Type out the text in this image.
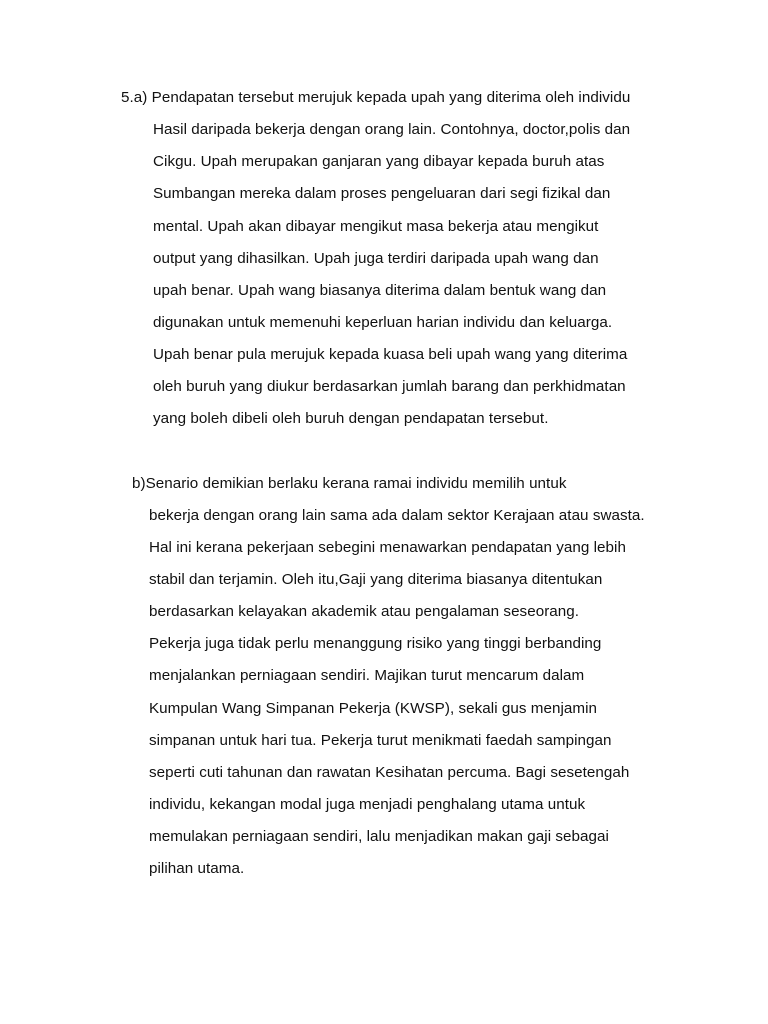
5.a) Pendapatan tersebut merujuk kepada upah yang diterima oleh individu
Hasil daripada bekerja dengan orang lain. Contohnya, doctor,polis dan
Cikgu. Upah merupakan ganjaran yang dibayar kepada buruh atas
Sumbangan mereka dalam proses pengeluaran dari segi fizikal dan
mental. Upah akan dibayar mengikut masa bekerja atau mengikut
output yang dihasilkan. Upah juga terdiri daripada upah wang dan
upah benar. Upah wang biasanya diterima dalam bentuk wang dan
digunakan untuk memenuhi keperluan harian individu dan keluarga.
Upah benar pula merujuk kepada kuasa beli upah wang yang diterima
oleh buruh yang diukur berdasarkan jumlah barang dan perkhidmatan
yang boleh dibeli oleh buruh dengan pendapatan tersebut.
b)Senario demikian berlaku kerana ramai individu memilih untuk
bekerja dengan orang lain sama ada dalam sektor Kerajaan atau swasta.
Hal ini kerana pekerjaan sebegini menawarkan pendapatan yang lebih
stabil dan terjamin. Oleh itu,Gaji yang diterima biasanya ditentukan
berdasarkan kelayakan akademik atau pengalaman seseorang.
Pekerja juga tidak perlu menanggung risiko yang tinggi berbanding
menjalankan perniagaan sendiri. Majikan turut mencarum dalam
Kumpulan Wang Simpanan Pekerja (KWSP), sekali gus menjamin
simpanan untuk hari tua. Pekerja turut menikmati faedah sampingan
seperti cuti tahunan dan rawatan Kesihatan percuma. Bagi sesetengah
individu, kekangan modal juga menjadi penghalang utama untuk
memulakan perniagaan sendiri, lalu menjadikan makan gaji sebagai
pilihan utama.
